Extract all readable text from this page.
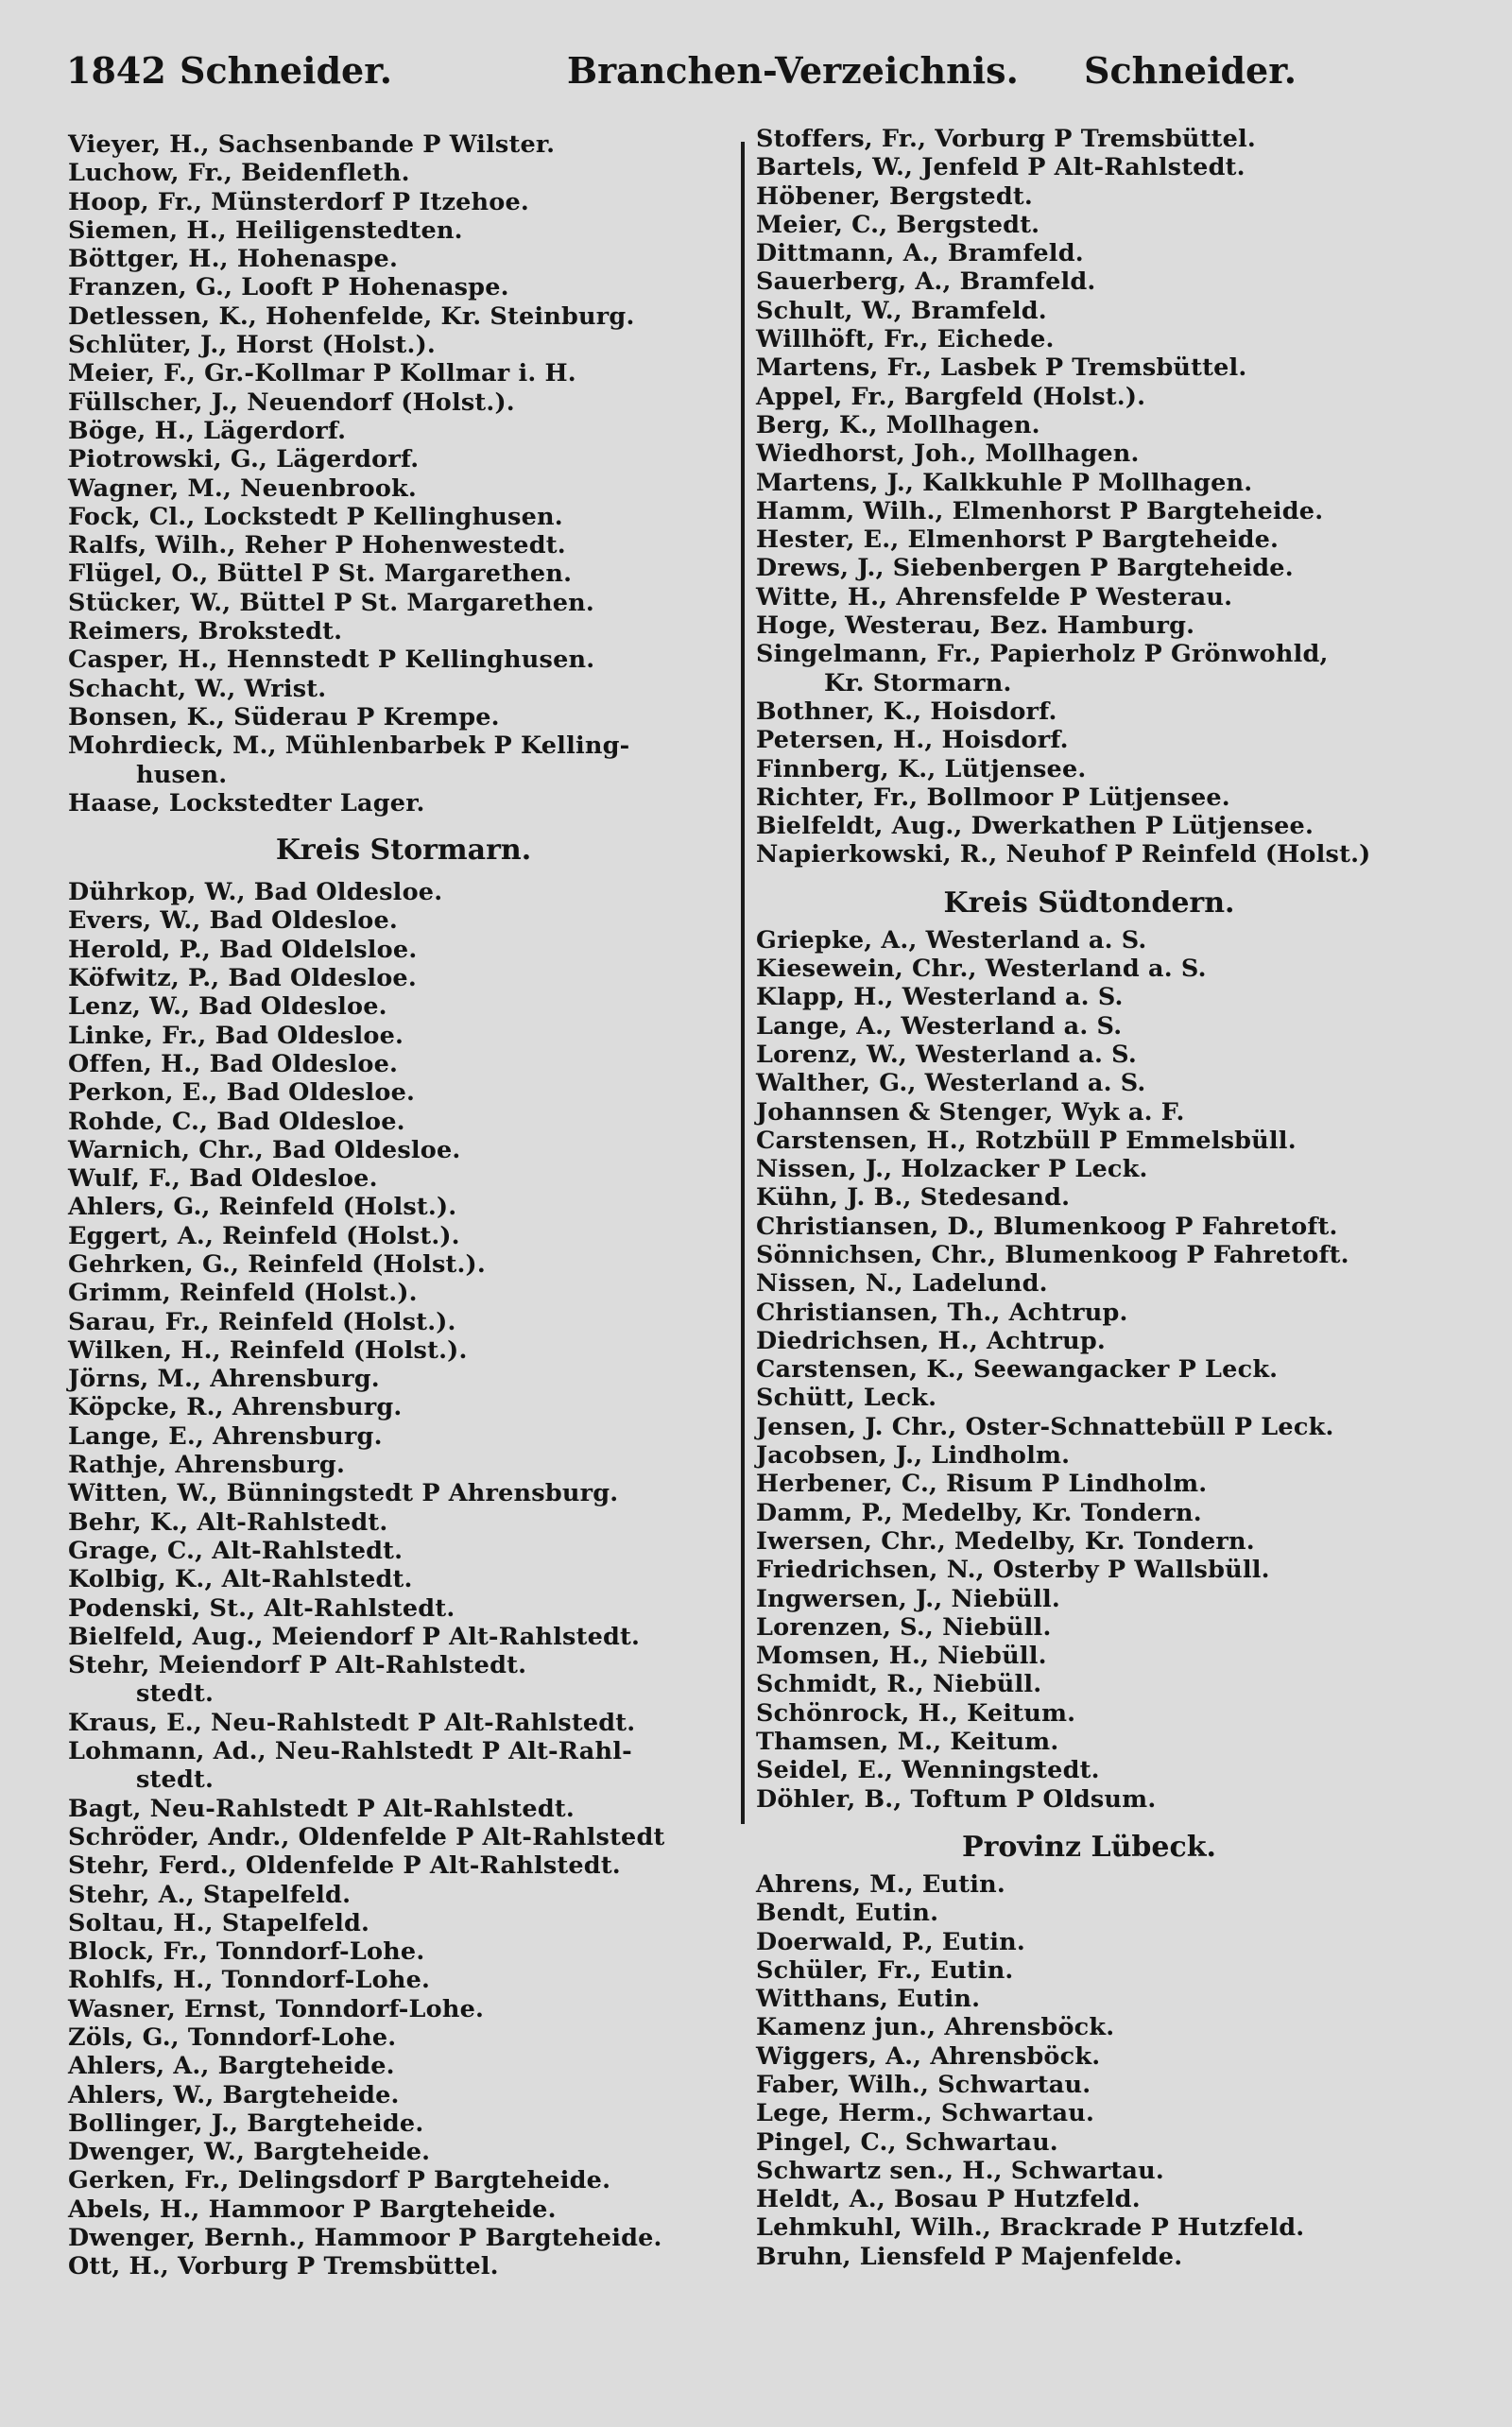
1842 Schneider.	Branchen-Verzeichnis. Schneider.
Vieyer, H., Sachsenbande P Wilster.
Luchow, Fr., Beidenfleth.
Hoop, Fr., Münsterdorf P Itzehoe.
Siemen, H., Heiligenstedten.
Böttger, H., Hohenaspe.
Franzen, G., Looft P Hohenaspe.
Detlessen, K., Hohenfelde, Kr. Steinburg.
Schlüter, J., Horst (Holst.).
Meier, F., Gr.-Kollmar P Kollmar i. H.
Füllscher, J., Neuendorf (Holst.).
Böge, H., Lägerdorf.
Piotrowski, G., Lägerdorf.
Wagner, M., Neuenbrook.
Fock, Cl., Lockstedt P Kellinghusen.
Ralfs, Wilh., Reher P Hohenwestedt.
Flügel, O., Büttel P St. Margarethen.
Stücker, W., Büttel P St. Margarethen.
Reimers, Brokstedt.
Casper, H., Hennstedt P Kellinghusen.
Schacht, W., Wrist.
Bonsen, K., Süderau P Krempe.
Mohrdieck, M., Mühlenbarbek P Kelling-
husen.
Haase, Lockstedter Lager.
Kreis Stormarn.
Dührkop, W., Bad Oldesloe.
Evers, W., Bad Oldesloe.
Herold, P., Bad Oldelsloe.
Köfwitz, P., Bad Oldesloe.
Lenz, W., Bad Oldesloe.
Linke, Fr., Bad Oldesloe.
Offen, H., Bad Oldesloe.
Perkon, E., Bad Oldesloe.
Rohde, C., Bad Oldesloe.
Warnich, Chr., Bad Oldesloe.
Wulf, F., Bad Oldesloe.
Ahlers, G., Reinfeld (Holst.).
Eggert, A., Reinfeld (Holst.).
Gehrken, G., Reinfeld (Holst.).
Grimm, Reinfeld (Holst.).
Sarau, Fr., Reinfeld (Holst.).
Wilken, H., Reinfeld (Holst.).
Jörns, M., Ahrensburg.
Köpcke, R., Ahrensburg.
Lange, E., Ahrensburg.
Rathje, Ahrensburg.
Witten, W., Bünningstedt P Ahrensburg.
Behr, K., Alt-Rahlstedt.
Grage, C., Alt-Rahlstedt.
Kolbig, K., Alt-Rahlstedt.
Podenski, St., Alt-Rahlstedt.
Bielfeld, Aug., Meiendorf P Alt-Rahlstedt.
Stehr, Meiendorf P Alt-Rahlstedt.
stedt.
Kraus, E., Neu-Rahlstedt P Alt-Rahlstedt.
Lohmann, Ad., Neu-Rahlstedt P Alt-Rahl-
stedt.
Bagt, Neu-Rahlstedt P Alt-Rahlstedt.
Schröder, Andr., Oldenfelde P Alt-Rahlstedt
Stehr, Ferd., Oldenfelde P Alt-Rahlstedt.
Stehr, A., Stapelfeld.
Soltau, H., Stapelfeld.
Block, Fr., Tonndorf-Lohe.
Rohlfs, H., Tonndorf-Lohe.
Wasner, Ernst, Tonndorf-Lohe.
Zöls, G., Tonndorf-Lohe.
Ahlers, A., Bargteheide.
Ahlers, W., Bargteheide.
Bollinger, J., Bargteheide.
Dwenger, W., Bargteheide.
Gerken, Fr., Delingsdorf P Bargteheide.
Abels, H., Hammoor P Bargteheide.
Dwenger, Bernh., Hammoor P Bargteheide.
Ott, H., Vorburg P Tremsbüttel.
Stoffers, Fr., Vorburg P Tremsbüttel.
Bartels, W., Jenfeld P Alt-Rahlstedt.
Höbener, Bergstedt.
Meier, C., Bergstedt.
Dittmann, A., Bramfeld.
Sauerberg, A., Bramfeld.
Schult, W., Bramfeld.
Willhöft, Fr., Eichede.
Martens, Fr., Lasbek P Tremsbüttel.
Appel, Fr., Bargfeld (Holst.).
Berg, K., Mollhagen.
Wiedhorst, Joh., Mollhagen.
Martens, J., Kalkkuhle P Mollhagen.
Hamm, Wilh., Elmenhorst P Bargteheide.
Hester, E., Elmenhorst P Bargteheide.
Drews, J., Siebenbergen P Bargteheide.
Witte, H., Ahrensfelde P Westerau.
Hoge, Westerau, Bez. Hamburg.
Singelmann, Fr., Papierholz P Grönwohld,
Kr. Stormarn.
Bothner, K., Hoisdorf.
Petersen, H., Hoisdorf.
Finnberg, K., Lütjensee.
Richter, Fr., Bollmoor P Lütjensee.
Bielfeldt, Aug., Dwerkathen P Lütjensee.
Napierkowski, R., Neuhof P Reinfeld (Holst.)
Kreis Südtondern.
Griepke, A., Westerland a. S.
Kiesewein, Chr., Westerland a. S.
Klapp, H., Westerland a. S.
Lange, A., Westerland a. S.
Lorenz, W., Westerland a. S.
Walther, G., Westerland a. S.
Johannsen & Stenger, Wyk a. F.
Carstensen, H., Rotzbüll P Emmelsbüll.
Nissen, J., Holzacker P Leck.
Kühn, J. B., Stedesand.
Christiansen, D., Blumenkoog P Fahretoft.
Sönnichsen, Chr., Blumenkoog P Fahretoft.
Nissen, N., Ladelund.
Christiansen, Th., Achtrup.
Diedrichsen, H., Achtrup.
Carstensen, K., Seewangacker P Leck.
Schütt, Leck.
Jensen, J. Chr., Oster-Schnattebüll P Leck.
Jacobsen, J., Lindholm.
Herbener, C., Risum P Lindholm.
Damm, P., Medelby, Kr. Tondern.
Iwersen, Chr., Medelby, Kr. Tondern.
Friedrichsen, N., Osterby P Wallsbüll.
Ingwersen, J., Niebüll.
Lorenzen, S., Niebüll.
Momsen, H., Niebüll.
Schmidt, R., Niebüll.
Schönrock, H., Keitum.
Thamsen, M., Keitum.
Seidel, E., Wenningstedt.
Döhler, B., Toftum P Oldsum.
Provinz Lübeck.
Ahrens, M., Eutin.
Bendt, Eutin.
Doerwald, P., Eutin.
Schüler, Fr., Eutin.
Witthans, Eutin.
Kamenz jun., Ahrensböck.
Wiggers, A., Ahrensböck.
Faber, Wilh., Schwartau.
Lege, Herm., Schwartau.
Pingel, C., Schwartau.
Schwartz sen., H., Schwartau.
Heldt, A., Bosau P Hutzfeld.
Lehmkuhl, Wilh., Brackrade P Hutzfeld.
Bruhn, Liensfeld P Majenfelde.
